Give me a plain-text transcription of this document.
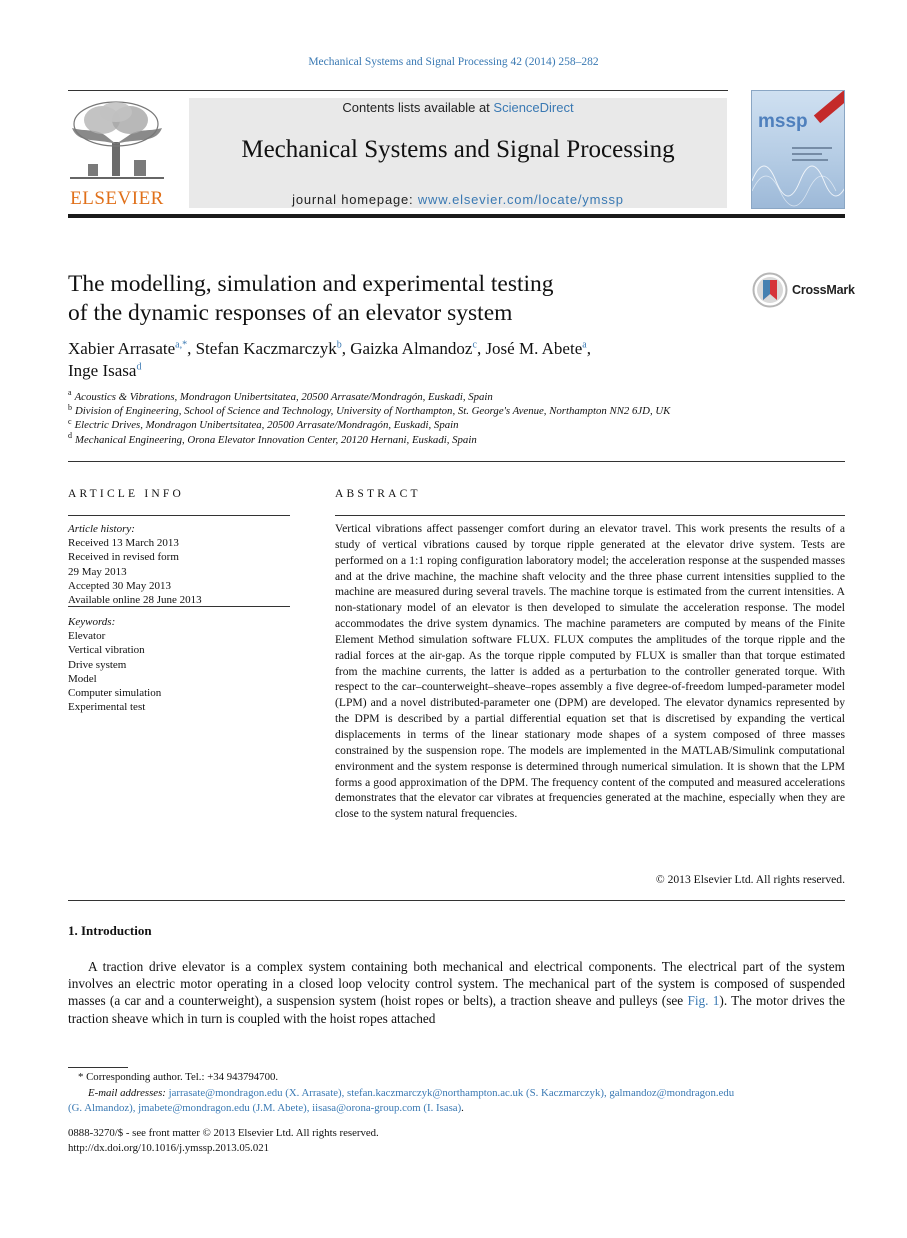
Mechanical Systems and Signal Processing 42 (2014) 258–282
ELSEVIER
Contents lists available at ScienceDirect
Mechanical Systems and Signal Processing
journal homepage: www.elsevier.com/locate/ymssp
mssp
The modelling, simulation and experimental testing
of the dynamic responses of an elevator system
CrossMark
Xabier Arrasate$^{a,*}$, Stefan Kaczmarczyk$^b$, Gaizka Almandoz$^c$, José M. Abete$^a$,
Inge Isasa$^d$
$^a$ Acoustics & Vibrations, Mondragon Unibertsitatea, 20500 Arrasate/Mondragón, Euskadi, Spain
$^b$ Division of Engineering, School of Science and Technology, University of Northampton, St. George's Avenue, Northampton NN2 6JD, UK
$^c$ Electric Drives, Mondragon Unibertsitatea, 20500 Arrasate/Mondragón, Euskadi, Spain
$^d$ Mechanical Engineering, Orona Elevator Innovation Center, 20120 Hernani, Euskadi, Spain
ARTICLE INFO
Article history:
Received 13 March 2013
Received in revised form
29 May 2013
Accepted 30 May 2013
Available online 28 June 2013
Keywords:
Elevator
Vertical vibration
Drive system
Model
Computer simulation
Experimental test
ABSTRACT
Vertical vibrations affect passenger comfort during an elevator travel. This work presents the results of a study of vertical vibrations caused by torque ripple generated at the elevator drive system. Tests are performed on a 1:1 roping configuration laboratory model; the acceleration response at the suspended masses and at the drive machine, the machine shaft velocity and the three phase current intensities supplied to the machine are measured during several travels. The machine torque is estimated from the current intensities. A non-stationary model of an elevator is then developed to simulate the acceleration response. The model accommodates the drive system dynamics. The machine parameters are computed by means of the Finite Element Method simulation software FLUX. FLUX computes the amplitudes of the torque ripple and the radial forces at the air-gap. As the torque ripple computed by FLUX is smaller than that torque estimated from the machine currents, the latter is added as a perturbation to the controller generated torque. With respect to the car–counterweight–sheave–ropes assembly a five degree-of-freedom lumped-parameter model (LPM) and a novel distributed-parameter one (DPM) are developed. The elevator dynamics represented by the DPM is described by a partial differential equation set that is discretised by expanding the vertical displacements in terms of the linear stationary mode shapes of a system composed of three masses constrained by the suspension rope. The models are implemented in the MATLAB/Simulink computational environment and the system response is determined through numerical simulation. It is shown that the LPM forms a good approximation of the DPM. The frequency content of the computed and measured accelerations demonstrates that the elevator car vibrates at frequencies generated at the machine, especially when they are close to the system natural frequencies.
© 2013 Elsevier Ltd. All rights reserved.
1. Introduction
A traction drive elevator is a complex system containing both mechanical and electrical components. The electrical part of the system involves an electric motor operating in a closed loop velocity control system. The mechanical part of the system is composed of suspended masses (a car and a counterweight), a suspension system (hoist ropes or belts), a traction sheave and pulleys (see Fig. 1). The motor drives the traction sheave which in turn is coupled with the hoist ropes attached
* Corresponding author. Tel.: +34 943794700.
E-mail addresses: jarrasate@mondragon.edu (X. Arrasate), stefan.kaczmarczyk@northampton.ac.uk (S. Kaczmarczyk), galmandoz@mondragon.edu
(G. Almandoz), jmabete@mondragon.edu (J.M. Abete), iisasa@orona-group.com (I. Isasa).
0888-3270/$ - see front matter © 2013 Elsevier Ltd. All rights reserved.
http://dx.doi.org/10.1016/j.ymssp.2013.05.021
